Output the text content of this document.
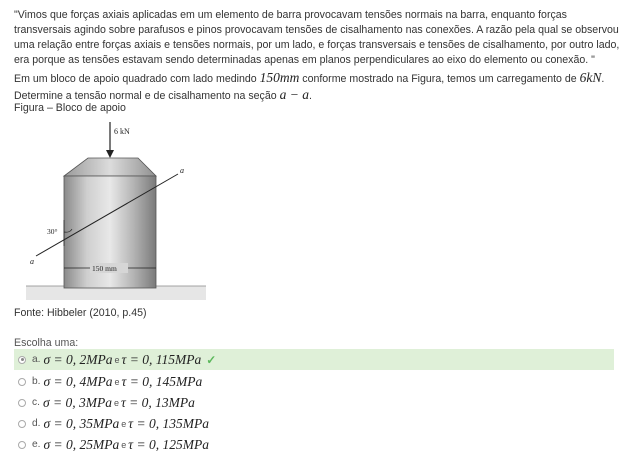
"Vimos que forças axiais aplicadas em um elemento de barra provocavam tensões normais na barra, enquanto forças transversais agindo sobre parafusos e pinos provocavam tensões de cisalhamento nas conexões. A razão pela qual se observou uma relação entre forças axiais e tensões normais, por um lado, e forças transversais e tensões de cisalhamento, por outro lado, era porque as tensões estavam sendo determinadas apenas em planos perpendiculares ao eixo do elemento ou conexão. "
Em um bloco de apoio quadrado com lado medindo 150mm conforme mostrado na Figura, temos um carregamento de 6kN.
Determine a tensão normal e de cisalhamento na seção a − a.
Figura – Bloco de apoio
6 kN
a
a
30°
150 mm
Fonte: Hibbeler (2010, p.45)
Escolha uma:
a. σ = 0, 2MPa e τ = 0, 115MPa ✓
b. σ = 0, 4MPa e τ = 0, 145MPa
c. σ = 0, 3MPa e τ = 0, 13MPa
d. σ = 0, 35MPa e τ = 0, 135MPa
e. σ = 0, 25MPa e τ = 0, 125MPa
